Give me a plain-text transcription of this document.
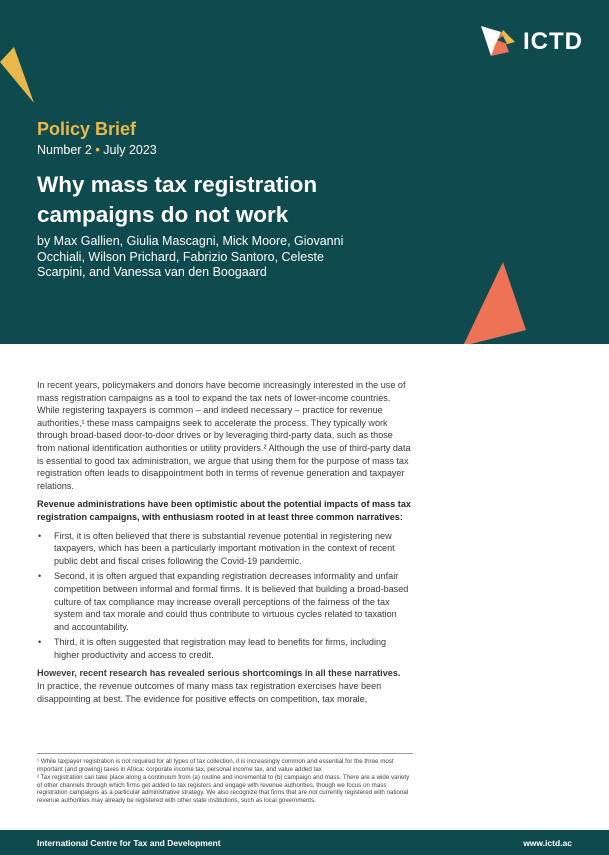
ICTD
Policy Brief
Number 2 • July 2023
Why mass tax registration campaigns do not work
by Max Gallien, Giulia Mascagni, Mick Moore, Giovanni Occhiali, Wilson Prichard, Fabrizio Santoro, Celeste Scarpini, and Vanessa van den Boogaard

In recent years, policymakers and donors have become increasingly interested in the use of mass registration campaigns as a tool to expand the tax nets of lower-income countries. While registering taxpayers is common – and indeed necessary – practice for revenue authorities,¹ these mass campaigns seek to accelerate the process. They typically work through broad-based door-to-door drives or by leveraging third-party data, such as those from national identification authorities or utility providers.² Although the use of third-party data is essential to good tax administration, we argue that using them for the purpose of mass tax registration often leads to disappointment both in terms of revenue generation and taxpayer relations.

Revenue administrations have been optimistic about the potential impacts of mass tax registration campaigns, with enthusiasm rooted in at least three common narratives:

• First, it is often believed that there is substantial revenue potential in registering new taxpayers, which has been a particularly important motivation in the context of recent public debt and fiscal crises following the Covid-19 pandemic.
• Second, it is often argued that expanding registration decreases informality and unfair competition between informal and formal firms. It is believed that building a broad-based culture of tax compliance may increase overall perceptions of the fairness of the tax system and tax morale and could thus contribute to virtuous cycles related to taxation and accountability.
• Third, it is often suggested that registration may lead to benefits for firms, including higher productivity and access to credit.

However, recent research has revealed serious shortcomings in all these narratives.
In practice, the revenue outcomes of many mass tax registration exercises have been disappointing at best. The evidence for positive effects on competition, tax morale,

¹ While taxpayer registration is not required for all types of tax collection, it is increasingly common and essential for the three most important (and growing) taxes in Africa: corporate income tax, personal income tax, and value added tax

² Tax registration can take place along a continuum from (a) routine and incremental to (b) campaign and mass. There are a wide variety of other channels through which firms get added to tax registers and engage with revenue authorities, though we focus on mass registration campaigns as a particular administrative strategy. We also recognize that firms that are not currently registered with national revenue authorities may already be registered with other state institutions, such as local governments.

International Centre for Tax and Development	www.ictd.ac
